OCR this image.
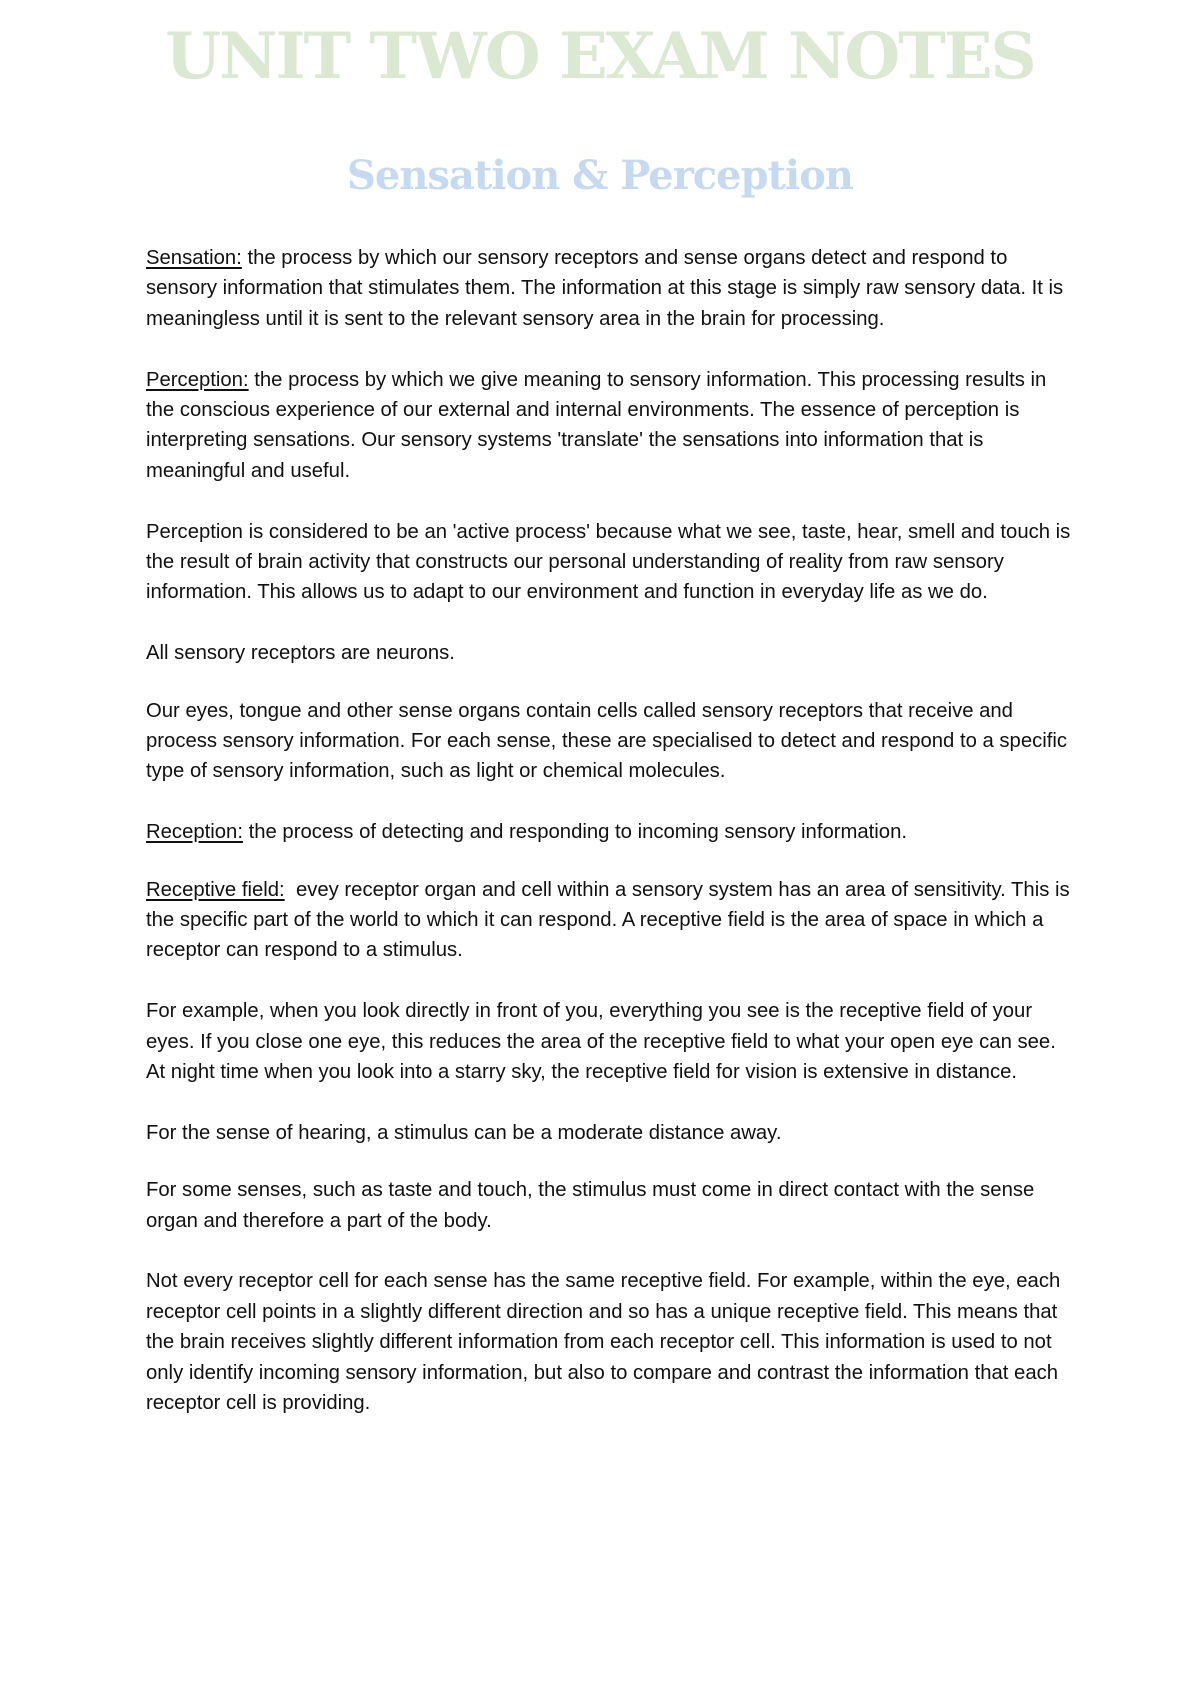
UNIT TWO EXAM NOTES
Sensation & Perception

Sensation: the process by which our sensory receptors and sense organs detect and respond to sensory information that stimulates them. The information at this stage is simply raw sensory data. It is meaningless until it is sent to the relevant sensory area in the brain for processing.

Perception: the process by which we give meaning to sensory information. This processing results in the conscious experience of our external and internal environments. The essence of perception is interpreting sensations. Our sensory systems 'translate' the sensations into information that is meaningful and useful.

Perception is considered to be an 'active process' because what we see, taste, hear, smell and touch is the result of brain activity that constructs our personal understanding of reality from raw sensory information. This allows us to adapt to our environment and function in everyday life as we do.

All sensory receptors are neurons.

Our eyes, tongue and other sense organs contain cells called sensory receptors that receive and process sensory information. For each sense, these are specialised to detect and respond to a specific type of sensory information, such as light or chemical molecules.

Reception: the process of detecting and responding to incoming sensory information.

Receptive field:  evey receptor organ and cell within a sensory system has an area of sensitivity. This is the specific part of the world to which it can respond. A receptive field is the area of space in which a receptor can respond to a stimulus.

For example, when you look directly in front of you, everything you see is the receptive field of your eyes. If you close one eye, this reduces the area of the receptive field to what your open eye can see. At night time when you look into a starry sky, the receptive field for vision is extensive in distance.

For the sense of hearing, a stimulus can be a moderate distance away.

For some senses, such as taste and touch, the stimulus must come in direct contact with the sense organ and therefore a part of the body.

Not every receptor cell for each sense has the same receptive field. For example, within the eye, each receptor cell points in a slightly different direction and so has a unique receptive field. This means that the brain receives slightly different information from each receptor cell. This information is used to not only identify incoming sensory information, but also to compare and contrast the information that each receptor cell is providing.
